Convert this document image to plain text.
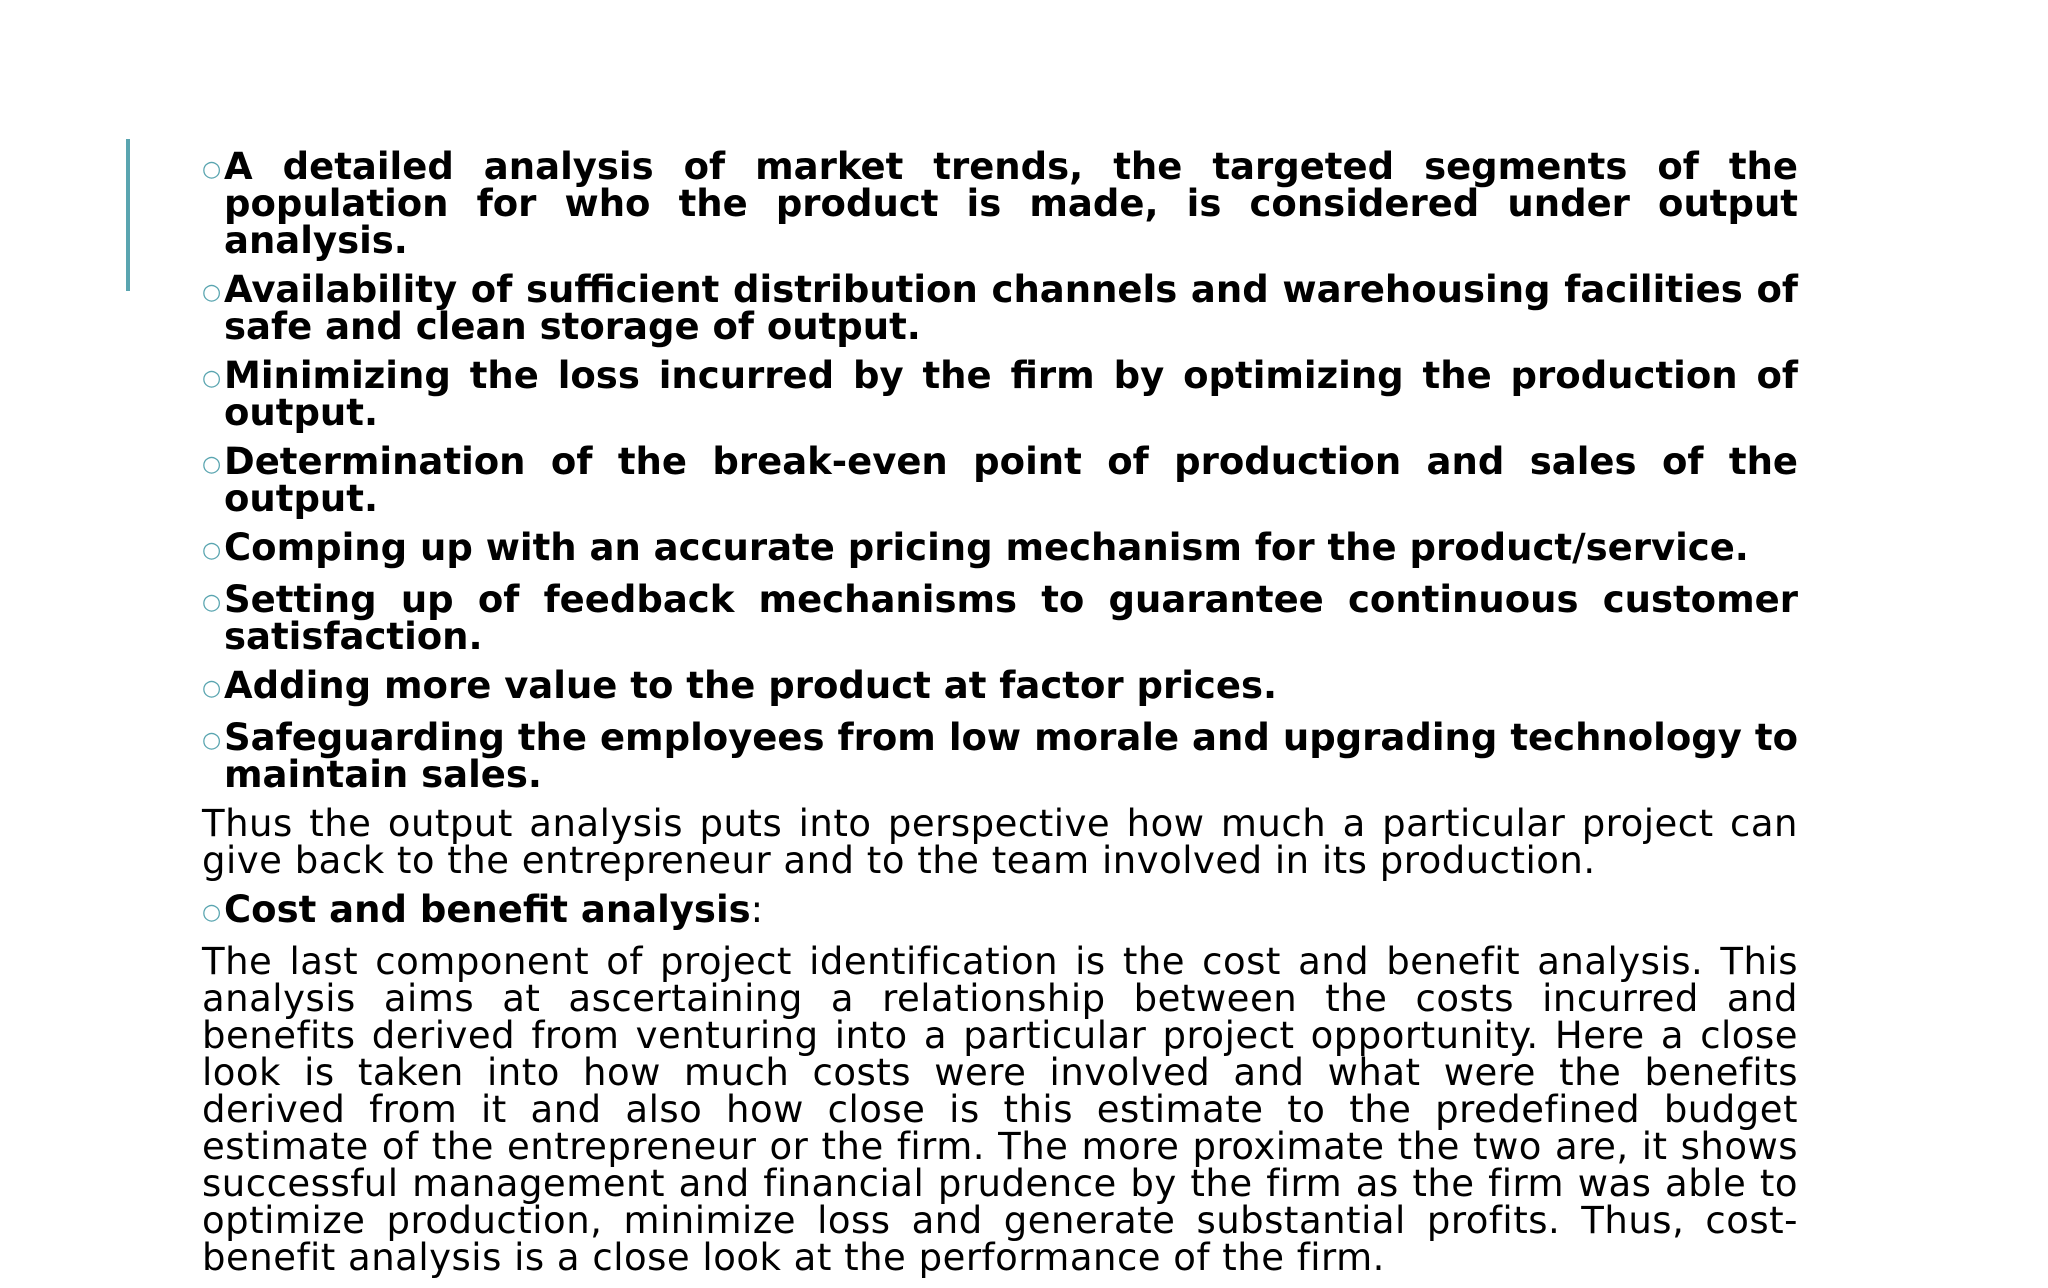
○ A detailed analysis of market trends, the targeted segments of the population for who the product is made, is considered under output analysis.
○ Availability of sufficient distribution channels and warehousing facilities of safe and clean storage of output.
○ Minimizing the loss incurred by the firm by optimizing the production of output.
○ Determination of the break-even point of production and sales of the output.
○ Comping up with an accurate pricing mechanism for the product/service.
○ Setting up of feedback mechanisms to guarantee continuous customer satisfaction.
○ Adding more value to the product at factor prices.
○ Safeguarding the employees from low morale and upgrading technology to maintain sales.
Thus the output analysis puts into perspective how much a particular project can give back to the entrepreneur and to the team involved in its production.
○ Cost and benefit analysis:
The last component of project identification is the cost and benefit analysis. This analysis aims at ascertaining a relationship between the costs incurred and benefits derived from venturing into a particular project opportunity. Here a close look is taken into how much costs were involved and what were the benefits derived from it and also how close is this estimate to the predefined budget estimate of the entrepreneur or the firm. The more proximate the two are, it shows successful management and financial prudence by the firm as the firm was able to optimize production, minimize loss and generate substantial profits. Thus, cost-benefit analysis is a close look at the performance of the firm.
